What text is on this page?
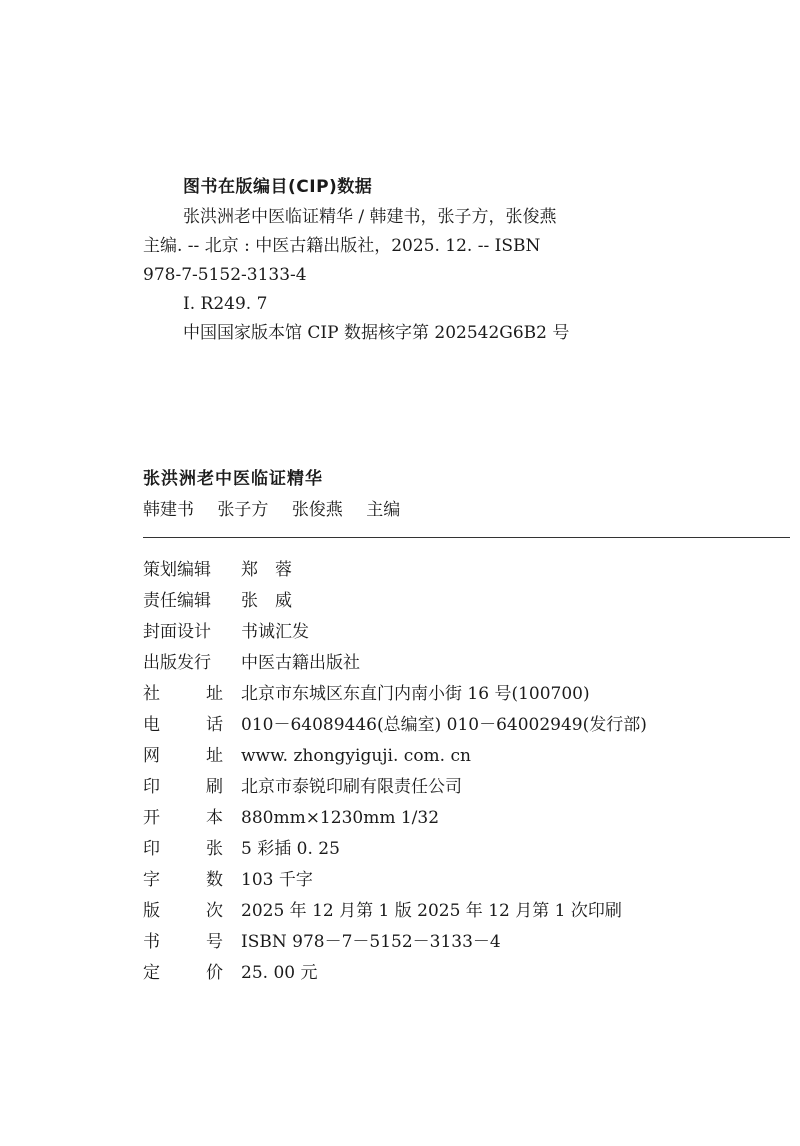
图书在版编目(CIP)数据
张洪洲老中医临证精华 / 韩建书，张子方，张俊燕
主编. -- 北京 : 中医古籍出版社，2025. 12. -- ISBN
978-7-5152-3133-4
Ⅰ. R249. 7
中国国家版本馆 CIP 数据核字第 202542G6B2 号
张洪洲老中医临证精华
韩建书 张子方 张俊燕 主编
策划编辑	郑　蓉
责任编辑	张　威
封面设计	书诚汇发
出版发行	中医古籍出版社
社	址 北京市东城区东直门内南小街 16 号(100700)
电	话 010－64089446(总编室) 010－64002949(发行部)
网	址 www. zhongyiguji. com. cn
印	刷 北京市泰锐印刷有限责任公司
开	本 880mm×1230mm 1/32
印	张 5 彩插 0. 25
字	数 103 千字
版	次 2025 年 12 月第 1 版 2025 年 12 月第 1 次印刷
书	号 ISBN 978－7－5152－3133－4
定	价 25. 00 元
